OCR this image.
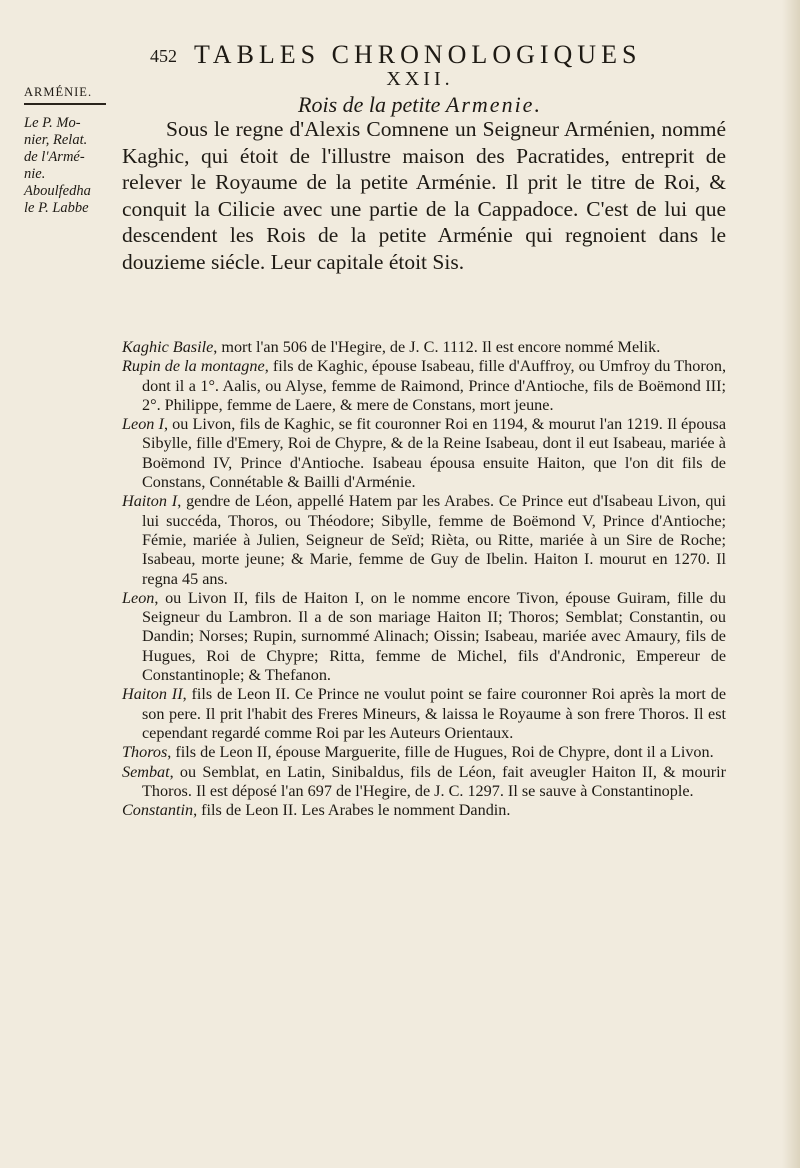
ARMÉNIE.
Le P. Mo-
nier, Relat.
de l'Armé-
nie.
Aboulfedha
le P. Labbe
452 TABLES CHRONOLOGIQUES
XXII.
Rois de la petite Armenie.
Sous le regne d'Alexis Comnene un Seigneur Arménien, nommé Kaghic, qui étoit de l'illustre maison des Pacratides, entreprit de relever le Royaume de la petite Arménie. Il prit le titre de Roi, & conquit la Cilicie avec une partie de la Cappadoce. C'est de lui que descendent les Rois de la petite Arménie qui regnoient dans le douzieme siécle. Leur capitale étoit Sis.
Kaghic Basile, mort l'an 506 de l'Hegire, de J. C. 1112. Il est encore nommé Melik.
Rupin de la montagne, fils de Kaghic, épouse Isabeau, fille d'Auffroy, ou Umfroy du Thoron, dont il a 1°. Aalis, ou Alyse, femme de Raimond, Prince d'Antioche, fils de Boëmond III; 2°. Philippe, femme de Laere, & mere de Constans, mort jeune.
Leon I, ou Livon, fils de Kaghic, se fit couronner Roi en 1194, & mourut l'an 1219. Il épousa Sibylle, fille d'Emery, Roi de Chypre, & de la Reine Isabeau, dont il eut Isabeau, mariée à Boëmond IV, Prince d'Antioche. Isabeau épousa ensuite Haiton, que l'on dit fils de Constans, Connétable & Bailli d'Arménie.
Haiton I, gendre de Léon, appellé Hatem par les Arabes. Ce Prince eut d'Isabeau Livon, qui lui succéda, Thoros, ou Théodore; Sibylle, femme de Boëmond V, Prince d'Antioche; Fémie, mariée à Julien, Seigneur de Seïd; Rièta, ou Ritte, mariée à un Sire de Roche; Isabeau, morte jeune; & Marie, femme de Guy de Ibelin. Haiton I. mourut en 1270. Il regna 45 ans.
Leon, ou Livon II, fils de Haiton I, on le nomme encore Tivon, épouse Guiram, fille du Seigneur du Lambron. Il a de son mariage Haiton II; Thoros; Semblat; Constantin, ou Dandin; Norses; Rupin, surnommé Alinach; Oissin; Isabeau, mariée avec Amaury, fils de Hugues, Roi de Chypre; Ritta, femme de Michel, fils d'Andronic, Empereur de Constantinople; & Thefanon.
Haiton II, fils de Leon II. Ce Prince ne voulut point se faire couronner Roi après la mort de son pere. Il prit l'habit des Freres Mineurs, & laissa le Royaume à son frere Thoros. Il est cependant regardé comme Roi par les Auteurs Orientaux.
Thoros, fils de Leon II, épouse Marguerite, fille de Hugues, Roi de Chypre, dont il a Livon.
Sembat, ou Semblat, en Latin, Sinibaldus, fils de Léon, fait aveugler Haiton II, & mourir Thoros. Il est déposé l'an 697 de l'Hegire, de J. C. 1297. Il se sauve à Constantinople.
Constantin, fils de Leon II. Les Arabes le nomment Dandin.
